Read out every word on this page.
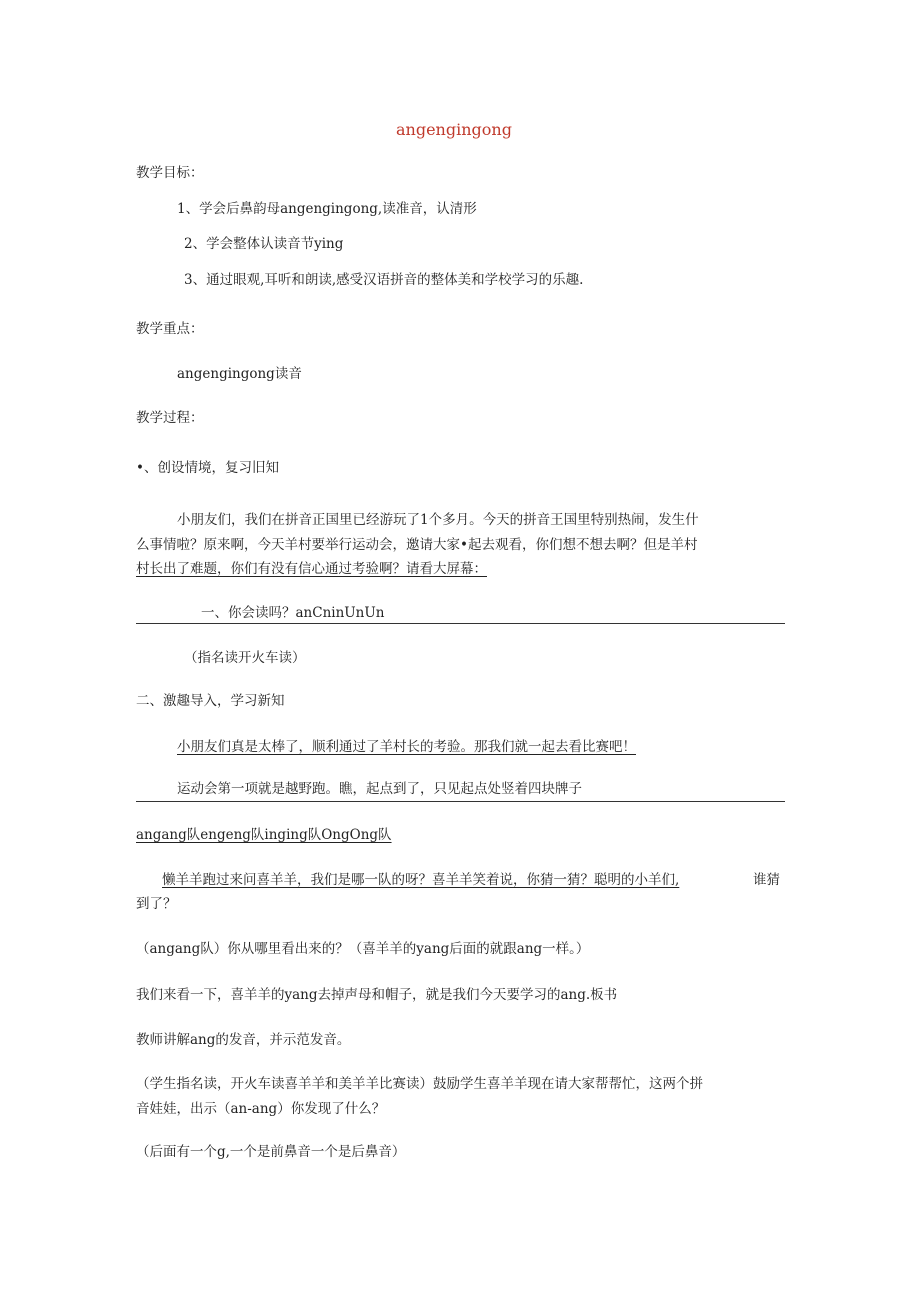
angengingong
教学目标：
1、学会后鼻韵母angengingong,读准音，认清形
2、学会整体认读音节ying
3、通过眼观,耳听和朗读,感受汉语拼音的整体美和学校学习的乐趣.
教学重点：
angengingong读音
教学过程：
•、创设情境，复习旧知
小朋友们，我们在拼音正国里已经游玩了1个多月。今天的拼音王国里特别热闹，发生什
么事情啦？原来啊，今天羊村要举行运动会，邀请大家•起去观看，你们想不想去啊？但是羊村
村长出了难题，你们有没有信心通过考验啊？请看大屏幕：
一、你会读吗？anCninUnUn
（指名读开火车读）
二、激趣导入，学习新知
小朋友们真是太棒了，顺利通过了羊村长的考验。那我们就一起去看比赛吧！
运动会第一项就是越野跑。瞧，起点到了，只见起点处竖着四块牌子
angang队engeng队inging队OngOng队
懒羊羊跑过来问喜羊羊，我们是哪一队的呀？喜羊羊笑着说，你猜一猜？聪明的小羊们,	谁猜
到了？
（angang队）你从哪里看出来的？（喜羊羊的yang后面的就跟ang一样。）
我们来看一下，喜羊羊的yang去掉声母和帽子，就是我们今天要学习的ang.板书
教师讲解ang的发音，并示范发音。
（学生指名读，开火车读喜羊羊和美羊羊比赛读）鼓励学生喜羊羊现在请大家帮帮忙，这两个拼
音娃娃，出示（an-ang）你发现了什么？
（后面有一个g,一个是前鼻音一个是后鼻音）
